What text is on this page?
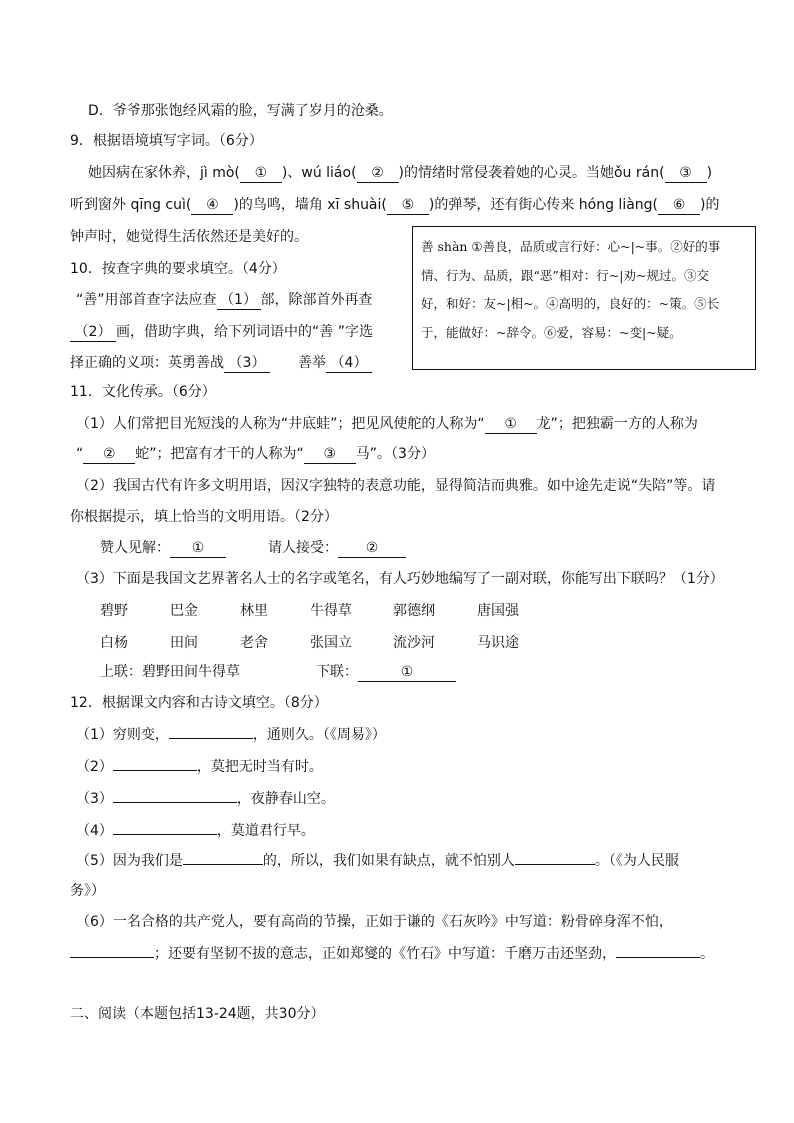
D．爷爷那张饱经风霜的脸，写满了岁月的沧桑。
9．根据语境填写字词。（6分）
她因病在家休养，jì mò( ① )、wú liáo( ② )的情绪时常侵袭着她的心灵。当她ǒu rán( ③ )
听到窗外 qīng cuì( ④ )的鸟鸣，墙角 xī shuài( ⑤ )的弹琴，还有街心传来 hóng liàng( ⑥ )的
钟声时，她觉得生活依然还是美好的。
10．按查字典的要求填空。（4分）
“善”用部首查字法应查 （1） 部，除部首外再查
（2） 画，借助字典，给下列词语中的“善 ”字选
择正确的义项：英勇善战 （3） 善举 （4）
善 shàn ①善良，品质或言行好：心~|~事。②好的事
情、行为、品质，跟“恶”相对：行~|劝~规过。③交
好，和好：友~|相~。④高明的，良好的：~策。⑤长
于，能做好：~辞令。⑥爱，容易：~变|~疑。
11．文化传承。（6分）
（1）人们常把目光短浅的人称为“井底蛙”；把见风使舵的人称为“ ① 龙”；把独霸一方的人称为
“ ② 蛇”；把富有才干的人称为“ ③ 马”。（3分）
（2）我国古代有许多文明用语，因汉字独特的表意功能，显得简洁而典雅。如中途先走说“失陪”等。请
你根据提示，填上恰当的文明用语。（2分）
赞人见解： ①	请人接受： ②
（3）下面是我国文艺界著名人士的名字或笔名，有人巧妙地编写了一副对联，你能写出下联吗？（1分）
碧野	巴金	林里	牛得草	郭德纲	唐国强
白杨	田间	老舍	张国立	流沙河	马识途
上联：碧野田间牛得草	下联：	①
12．根据课文内容和古诗文填空。（8分）
（1）穷则变，	，通则久。（《周易》）
（2）	，莫把无时当有时。
（3）	，夜静春山空。
（4）	，莫道君行早。
（5）因为我们是	的，所以，我们如果有缺点，就不怕别人	。（《为人民服
务》）
（6）一名合格的共产党人，要有高尚的节操，正如于谦的《石灰吟》中写道：粉骨碎身浑不怕，
；还要有坚韧不拔的意志，正如郑燮的《竹石》中写道：千磨万击还坚劲，	。
二、阅读（本题包括13-24题，共30分）
